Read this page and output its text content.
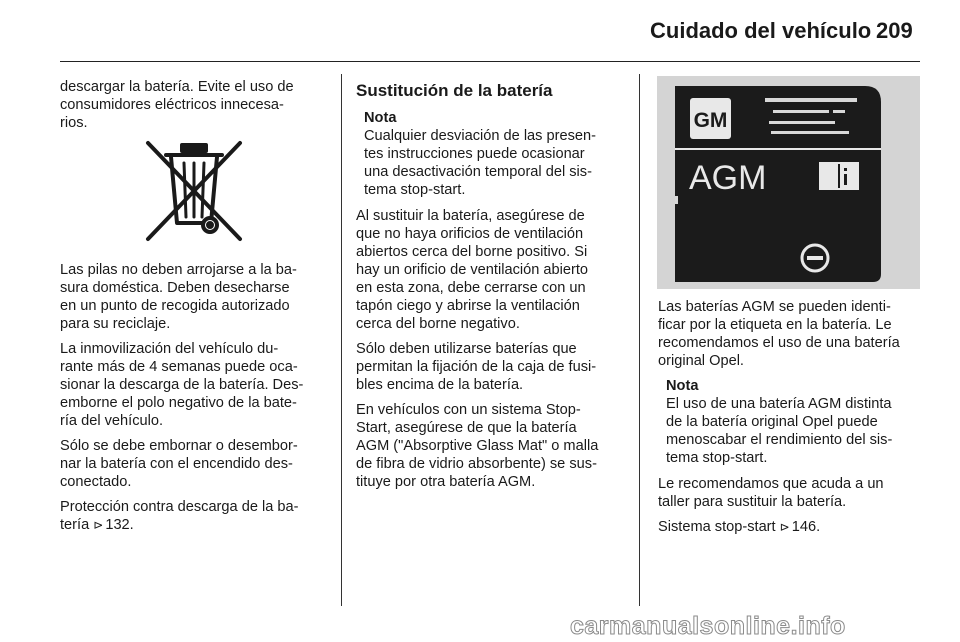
Cuidado del vehículo 209

descargar la batería. Evite el uso de
consumidores eléctricos innecesa-
rios.

Las pilas no deben arrojarse a la ba-
sura doméstica. Deben desecharse
en un punto de recogida autorizado
para su reciclaje.

La inmovilización del vehículo du-
rante más de 4 semanas puede oca-
sionar la descarga de la batería. Des-
emborne el polo negativo de la bate-
ría del vehículo.

Sólo se debe embornar o desembor-
nar la batería con el encendido des-
conectado.

Protección contra descarga de la ba-
tería ⊳ 132.

Sustitución de la batería
Nota
Cualquier desviación de las presen-
tes instrucciones puede ocasionar
una desactivación temporal del sis-
tema stop-start.

Al sustituir la batería, asegúrese de
que no haya orificios de ventilación
abiertos cerca del borne positivo. Si
hay un orificio de ventilación abierto
en esta zona, debe cerrarse con un
tapón ciego y abrirse la ventilación
cerca del borne negativo.

Sólo deben utilizarse baterías que
permitan la fijación de la caja de fusi-
bles encima de la batería.

En vehículos con un sistema Stop-
Start, asegúrese de que la batería
AGM ("Absorptive Glass Mat" o malla
de fibra de vidrio absorbente) se sus-
tituye por otra batería AGM.

GM
AGM

Las baterías AGM se pueden identi-
ficar por la etiqueta en la batería. Le
recomendamos el uso de una batería
original Opel.

Nota
El uso de una batería AGM distinta
de la batería original Opel puede
menoscabar el rendimiento del sis-
tema stop-start.

Le recomendamos que acuda a un
taller para sustituir la batería.

Sistema stop-start ⊳ 146.

carmanualsonline.info
